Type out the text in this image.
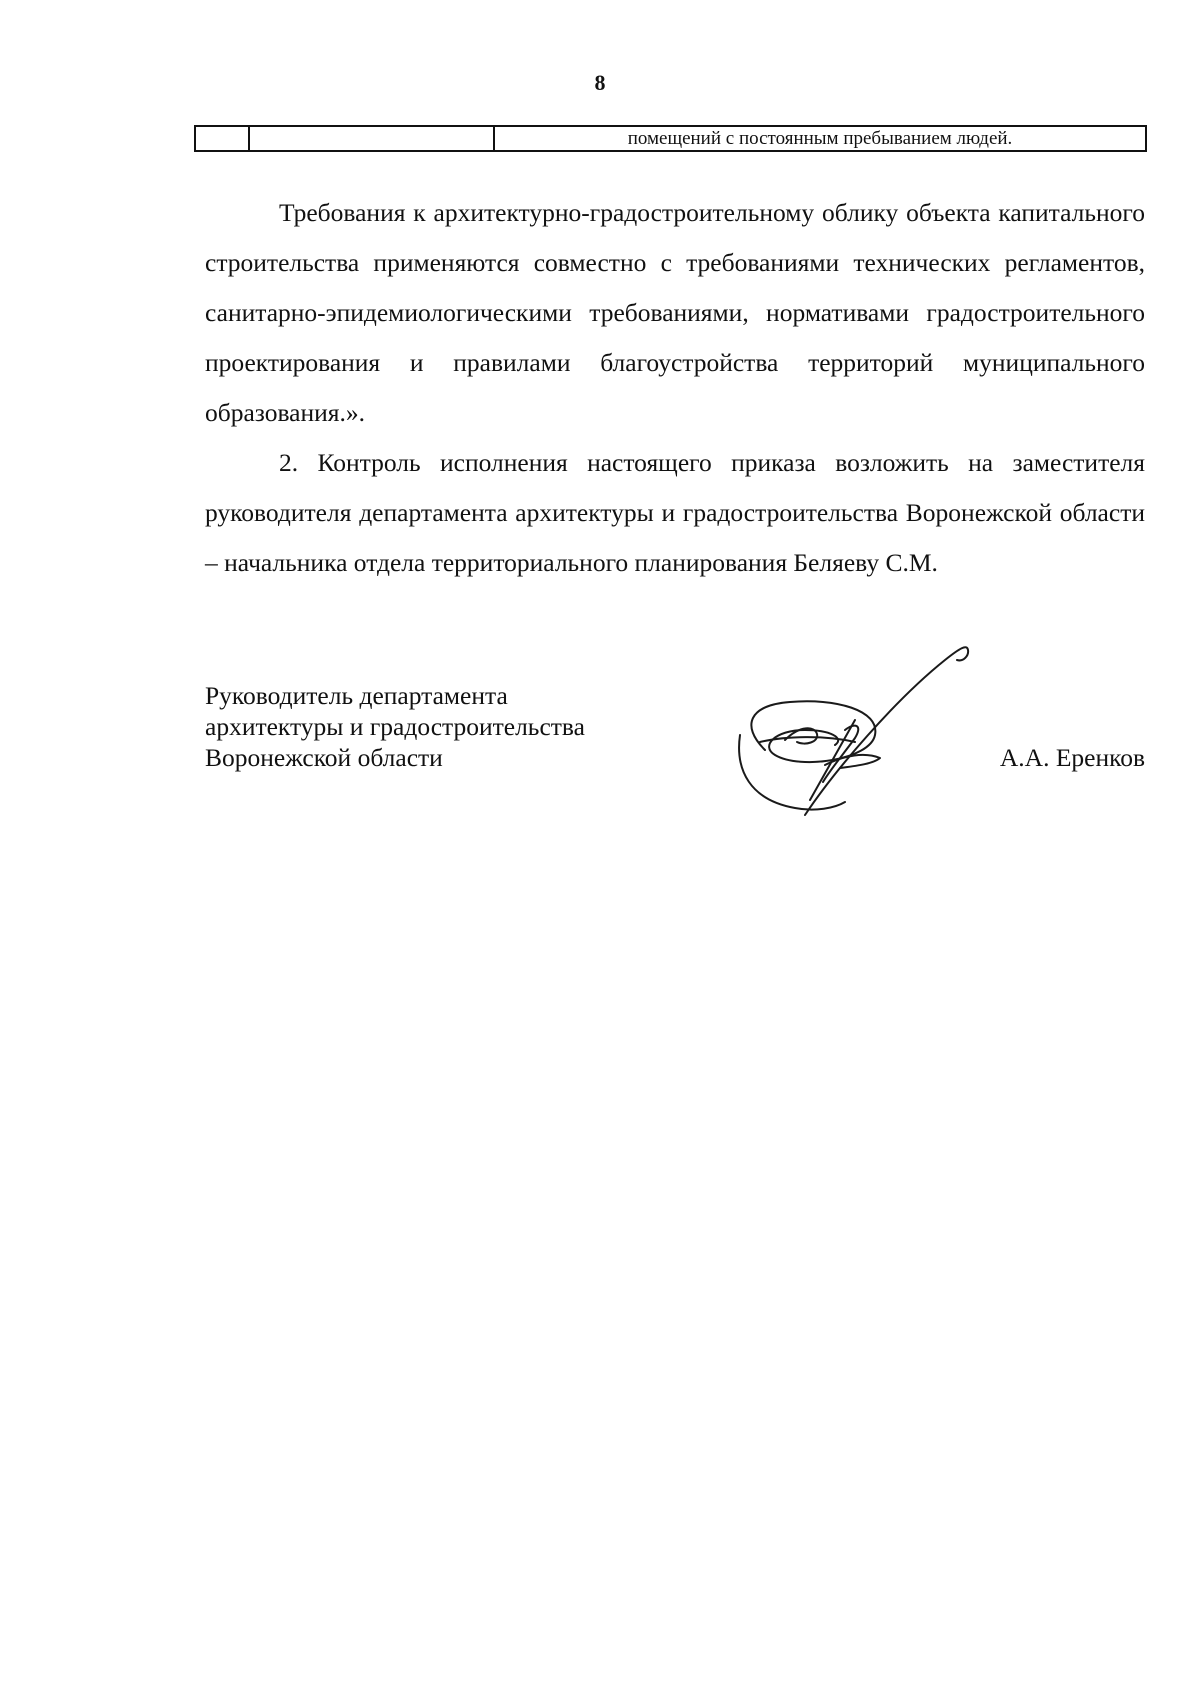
8
помещений с постоянным пребыванием людей.

Требования к архитектурно-градостроительному облику объекта капитального строительства применяются совместно с требованиями технических регламентов, санитарно-эпидемиологическими требованиями, нормативами градостроительного проектирования и правилами благоустройства территорий муниципального образования.».

2. Контроль исполнения настоящего приказа возложить на заместителя руководителя департамента архитектуры и градостроительства Воронежской области – начальника отдела территориального планирования Беляеву С.М.

Руководитель департамента
архитектуры и градостроительства
Воронежской области	А.А. Еренков
